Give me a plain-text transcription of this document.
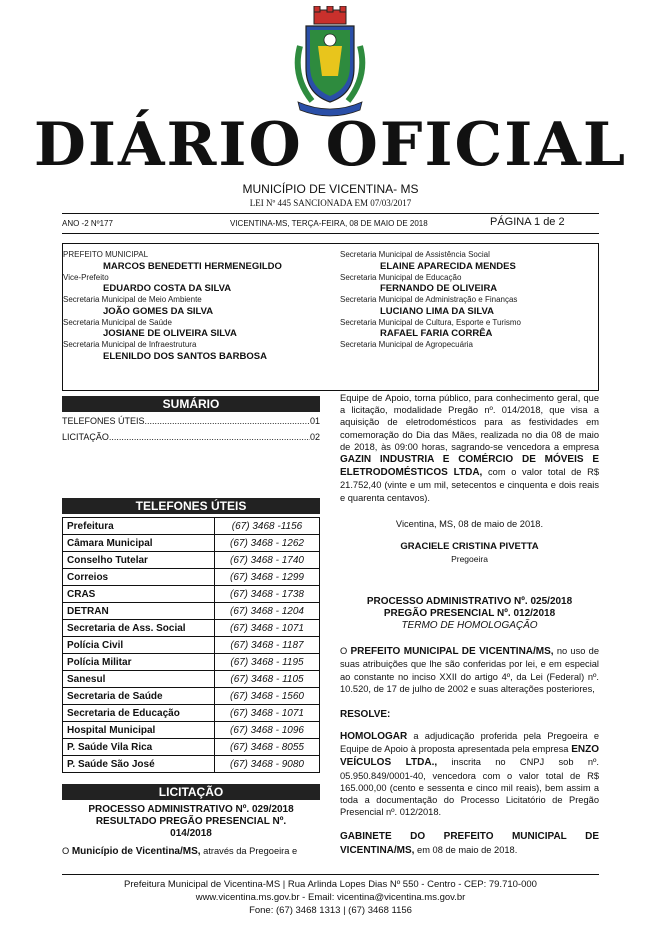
DIÁRIO OFICIAL
MUNICÍPIO DE VICENTINA- MS
LEI Nº 445 SANCIONADA EM 07/03/2017
ANO -2 Nº177	VICENTINA-MS, TERÇA-FEIRA, 08 DE MAIO DE 2018	PÁGINA 1 de 2
PREFEITO MUNICIPAL
MARCOS BENEDETTI HERMENEGILDO
Vice-Prefeito
EDUARDO COSTA DA SILVA
Secretaria Municipal de Meio Ambiente
JOÃO GOMES DA SILVA
Secretaria Municipal de Saúde
JOSIANE DE OLIVEIRA SILVA
Secretaria Municipal de Infraestrutura
ELENILDO DOS SANTOS BARBOSA
Secretaria Municipal de Assistência Social
ELAINE APARECIDA MENDES
Secretaria Municipal de Educação
FERNANDO DE OLIVEIRA
Secretaria Municipal de Administração e Finanças
LUCIANO LIMA DA SILVA
Secretaria Municipal de Cultura, Esporte e Turismo
RAFAEL FARIA CORRÊA
Secretaria Municipal de Agropecuária
SUMÁRIO
TELEFONES ÚTEIS .....	01
LICITAÇÃO .....	02
TELEFONES ÚTEIS
Prefeitura	(67) 3468 -1156
Câmara Municipal	(67) 3468 - 1262
Conselho Tutelar	(67) 3468 - 1740
Correios	(67) 3468 - 1299
CRAS	(67) 3468 - 1738
DETRAN	(67) 3468 - 1204
Secretaria de Ass. Social	(67) 3468 - 1071
Polícia Civil	(67) 3468 - 1187
Polícia Militar	(67) 3468 - 1195
Sanesul	(67) 3468 - 1105
Secretaria de Saúde	(67) 3468 - 1560
Secretaria de Educação	(67) 3468 - 1071
Hospital Municipal	(67) 3468 - 1096
P. Saúde Vila Rica	(67) 3468 - 8055
P. Saúde São José	(67) 3468 - 9080
LICITAÇÃO
PROCESSO ADMINISTRATIVO Nº. 029/2018
RESULTADO PREGÃO PRESENCIAL Nº. 014/2018
O Município de Vicentina/MS, através da Pregoeira e
Equipe de Apoio, torna público, para conhecimento geral, que a licitação, modalidade Pregão nº. 014/2018, que visa a aquisição de eletrodomésticos para as festividades em comemoração do Dia das Mães, realizada no dia 08 de maio de 2018, às 09:00 horas, sagrando-se vencedora a empresa GAZIN INDUSTRIA E COMÉRCIO DE MÓVEIS E ELETRODOMÉSTICOS LTDA, com o valor total de R$ 21.752,40 (vinte e um mil, setecentos e cinquenta e dois reais e quarenta centavos).
Vicentina, MS, 08 de maio de 2018.
GRACIELE CRISTINA PIVETTA
Pregoeira
PROCESSO ADMINISTRATIVO Nº. 025/2018
PREGÃO PRESENCIAL Nº. 012/2018
TERMO DE HOMOLOGAÇÃO
O PREFEITO MUNICIPAL DE VICENTINA/MS, no uso de suas atribuições que lhe são conferidas por lei, e em especial ao constante no inciso XXII do artigo 4º, da Lei (Federal) nº. 10.520, de 17 de julho de 2002 e suas alterações posteriores,
RESOLVE:
HOMOLOGAR a adjudicação proferida pela Pregoeira e Equipe de Apoio à proposta apresentada pela empresa ENZO VEÍCULOS LTDA., inscrita no CNPJ sob nº. 05.950.849/0001-40, vencedora com o valor total de R$ 165.000,00 (cento e sessenta e cinco mil reais), bem assim a toda a documentação do Processo Licitatório de Pregão Presencial nº. 012/2018.
GABINETE DO PREFEITO MUNICIPAL DE VICENTINA/MS, em 08 de maio de 2018.
Prefeitura Municipal de Vicentina-MS | Rua Arlinda Lopes Dias Nº 550 - Centro - CEP: 79.710-000
www.vicentina.ms.gov.br - Email: vicentina@vicentina.ms.gov.br
Fone: (67) 3468 1313 | (67) 3468 1156
